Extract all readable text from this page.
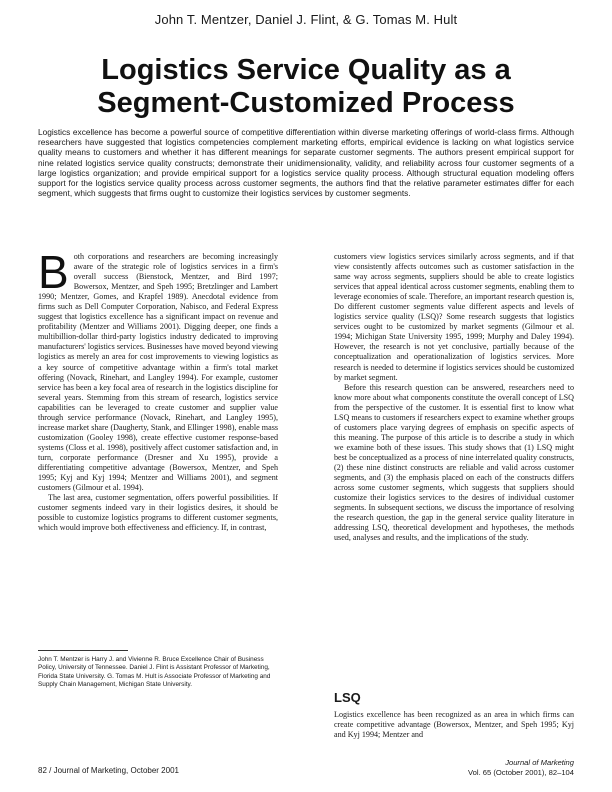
John T. Mentzer, Daniel J. Flint, & G. Tomas M. Hult
Logistics Service Quality as a
Segment-Customized Process
Logistics excellence has become a powerful source of competitive differentiation within diverse marketing offerings of world-class firms. Although researchers have suggested that logistics competencies complement marketing efforts, empirical evidence is lacking on what logistics service quality means to customers and whether it has different meanings for separate customer segments. The authors present empirical support for nine related logistics service quality constructs; demonstrate their unidimensionality, validity, and reliability across four customer segments of a large logistics organization; and provide empirical support for a logistics service quality process. Although structural equation modeling offers support for the logistics service quality process across customer segments, the authors find that the relative parameter estimates differ for each segment, which suggests that firms ought to customize their logistics services by customer segments.

Both corporations and researchers are becoming increasingly aware of the strategic role of logistics services in a firm's overall success (Bienstock, Mentzer, and Bird 1997; Bowersox, Mentzer, and Speh 1995; Bretzlinger and Lambert 1990; Mentzer, Gomes, and Krapfel 1989). Anecdotal evidence from firms such as Dell Computer Corporation, Nabisco, and Federal Express suggest that logistics excellence has a significant impact on revenue and profitability (Mentzer and Williams 2001). Digging deeper, one finds a multibillion-dollar third-party logistics industry dedicated to improving manufacturers' logistics services. Businesses have moved beyond viewing logistics as merely an area for cost improvements to viewing logistics as a key source of competitive advantage within a firm's total market offering (Novack, Rinehart, and Langley 1994). For example, customer service has been a key focal area of research in the logistics discipline for several years. Stemming from this stream of research, logistics service capabilities can be leveraged to create customer and supplier value through service performance (Novack, Rinehart, and Langley 1995), increase market share (Daugherty, Stank, and Ellinger 1998), enable mass customization (Gooley 1998), create effective customer response-based systems (Closs et al. 1998), positively affect customer satisfaction and, in turn, corporate performance (Dresner and Xu 1995), provide a differentiating competitive advantage (Bowersox, Mentzer, and Speh 1995; Kyj and Kyj 1994; Mentzer and Williams 2001), and segment customers (Gilmour et al. 1994).

The last area, customer segmentation, offers powerful possibilities. If customer segments indeed vary in their logistics desires, it should be possible to customize logistics programs to different customer segments, which would improve both effectiveness and efficiency. If, in contrast,

customers view logistics services similarly across segments, and if that view consistently affects outcomes such as customer satisfaction in the same way across segments, suppliers should be able to create logistics services that appeal identical across customer segments, enabling them to leverage economies of scale. Therefore, an important research question is, Do different customer segments value different aspects and levels of logistics service quality (LSQ)? Some research suggests that logistics services ought to be customized by market segments (Gilmour et al. 1994; Michigan State University 1995, 1999; Murphy and Daley 1994). However, the research is not yet conclusive, partially because of the conceptualization and operationalization of logistics services. More research is needed to determine if logistics services should be customized by market segment.

Before this research question can be answered, researchers need to know more about what components constitute the overall concept of LSQ from the perspective of the customer. It is essential first to know what LSQ means to customers if researchers expect to examine whether groups of customers place varying degrees of emphasis on specific aspects of this meaning. The purpose of this article is to describe a study in which we examine both of these issues. This study shows that (1) LSQ might best be conceptualized as a process of nine interrelated quality constructs, (2) these nine distinct constructs are reliable and valid across customer segments, and (3) the emphasis placed on each of the constructs differs across some customer segments, which suggests that suppliers should customize their logistics services to the desires of individual customer segments. In subsequent sections, we discuss the importance of resolving the research question, the gap in the general service quality literature in addressing LSQ, theoretical development and hypotheses, the methods used, analyses and results, and the implications of the study.

John T. Mentzer is Harry J. and Vivienne R. Bruce Excellence Chair of Business Policy, University of Tennessee. Daniel J. Flint is Assistant Professor of Marketing, Florida State University. G. Tomas M. Hult is Associate Professor of Marketing and Supply Chain Management, Michigan State University.
LSQ
Logistics excellence has been recognized as an area in which firms can create competitive advantage (Bowersox, Mentzer, and Speh 1995; Kyj and Kyj 1994; Mentzer and
82 / Journal of Marketing, October 2001
Journal of Marketing
Vol. 65 (October 2001), 82–104
